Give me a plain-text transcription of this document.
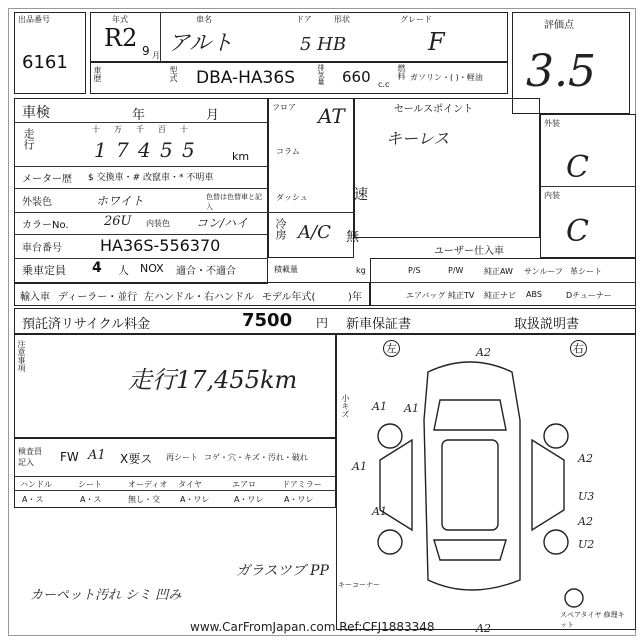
出品番号
6161
年式
R2 9 月
車名
アルト
ドア	形状
5 HB
グレード
F
評価点
3.5
車歴	型式 DBA-HA36S	排気量 660 c.c
燃料 ガソリン・( )・軽油
車検	年	月
走行	十 万 千 百 十
1 7 4 5 5	km
メーター歴 $ 交換車・# 改竄車・* 不明車
外装色	ホワイト	色替は色替車と記入
カラーNo.	26U 内装色 コン/ハイ
車台番号 HA36S-556370
フロア
コラム
ダッシュ
AT
速
冷房 A/C 無
乗車定員 4 人 NOX 適合・不適合	積載量	kg
輸入車 ディーラー・並行 左ハンドル・右ハンドル モデル年式(	)年
預託済リサイクル料金	7500 円 新車保証書	取扱説明書
セールスポイント
キーレス
外装
C
内装
C
ユーザー仕入車
P/S	P/W	純正AW サンルーフ 革シート
エアバッグ 純正TV 純正ナビ ABS	Dチューナー
注意事項
走行17,455km
小キズ
検査員記入	FW A1 X要ス 再シート コゲ・穴・キズ・汚れ・破れ
ハンドル	シート	オーディオ タイヤ	エアロ	ドアミラー
A・ス	A・ス	無し・交	A・ワレ	A・ワレ	A・ワレ
ガラスツブ PP
カーペット汚れ シミ 凹み
左	右
キーコーナー
スペアタイヤ 修理キット
A1 A1
A1
A1
A2
U3
A2
U2
A2
A2
www.CarFromJapan.com Ref:CFJ1883348
